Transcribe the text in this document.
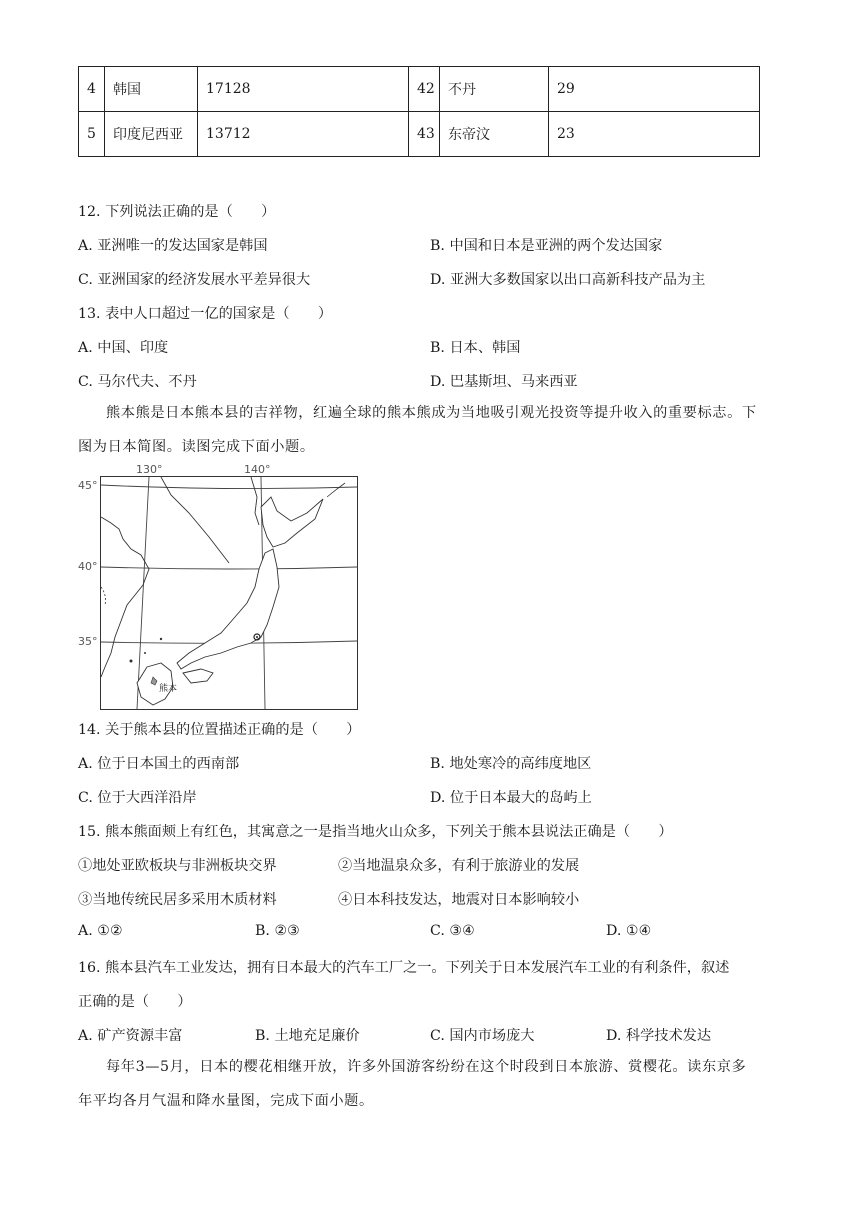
4	韩国	17128	42	不丹	29
5	印度尼西亚	13712	43	东帝汶	23
12. 下列说法正确的是（　　）
A. 亚洲唯一的发达国家是韩国	B. 中国和日本是亚洲的两个发达国家
C. 亚洲国家的经济发展水平差异很大	D. 亚洲大多数国家以出口高新科技产品为主
13. 表中人口超过一亿的国家是（　　）
A. 中国、印度	B. 日本、韩国
C. 马尔代夫、不丹	D. 巴基斯坦、马来西亚
熊本熊是日本熊本县的吉祥物，红遍全球的熊本熊成为当地吸引观光投资等提升收入的重要标志。下图为日本简图。读图完成下面小题。
130°	140°
45°
40°
35°
熊本
14. 关于熊本县的位置描述正确的是（　　）
A. 位于日本国土的西南部	B. 地处寒冷的高纬度地区
C. 位于大西洋沿岸	D. 位于日本最大的岛屿上
15. 熊本熊面颊上有红色，其寓意之一是指当地火山众多，下列关于熊本县说法正确是（　　）
①地处亚欧板块与非洲板块交界	②当地温泉众多，有利于旅游业的发展
③当地传统民居多采用木质材料	④日本科技发达，地震对日本影响较小
A. ①②	B. ②③	C. ③④	D. ①④
16. 熊本县汽车工业发达，拥有日本最大的汽车工厂之一。下列关于日本发展汽车工业的有利条件，叙述
正确的是（　　）
A. 矿产资源丰富	B. 土地充足廉价	C. 国内市场庞大	D. 科学技术发达
每年3—5月，日本的樱花相继开放，许多外国游客纷纷在这个时段到日本旅游、赏樱花。读东京多年平均各月气温和降水量图，完成下面小题。
